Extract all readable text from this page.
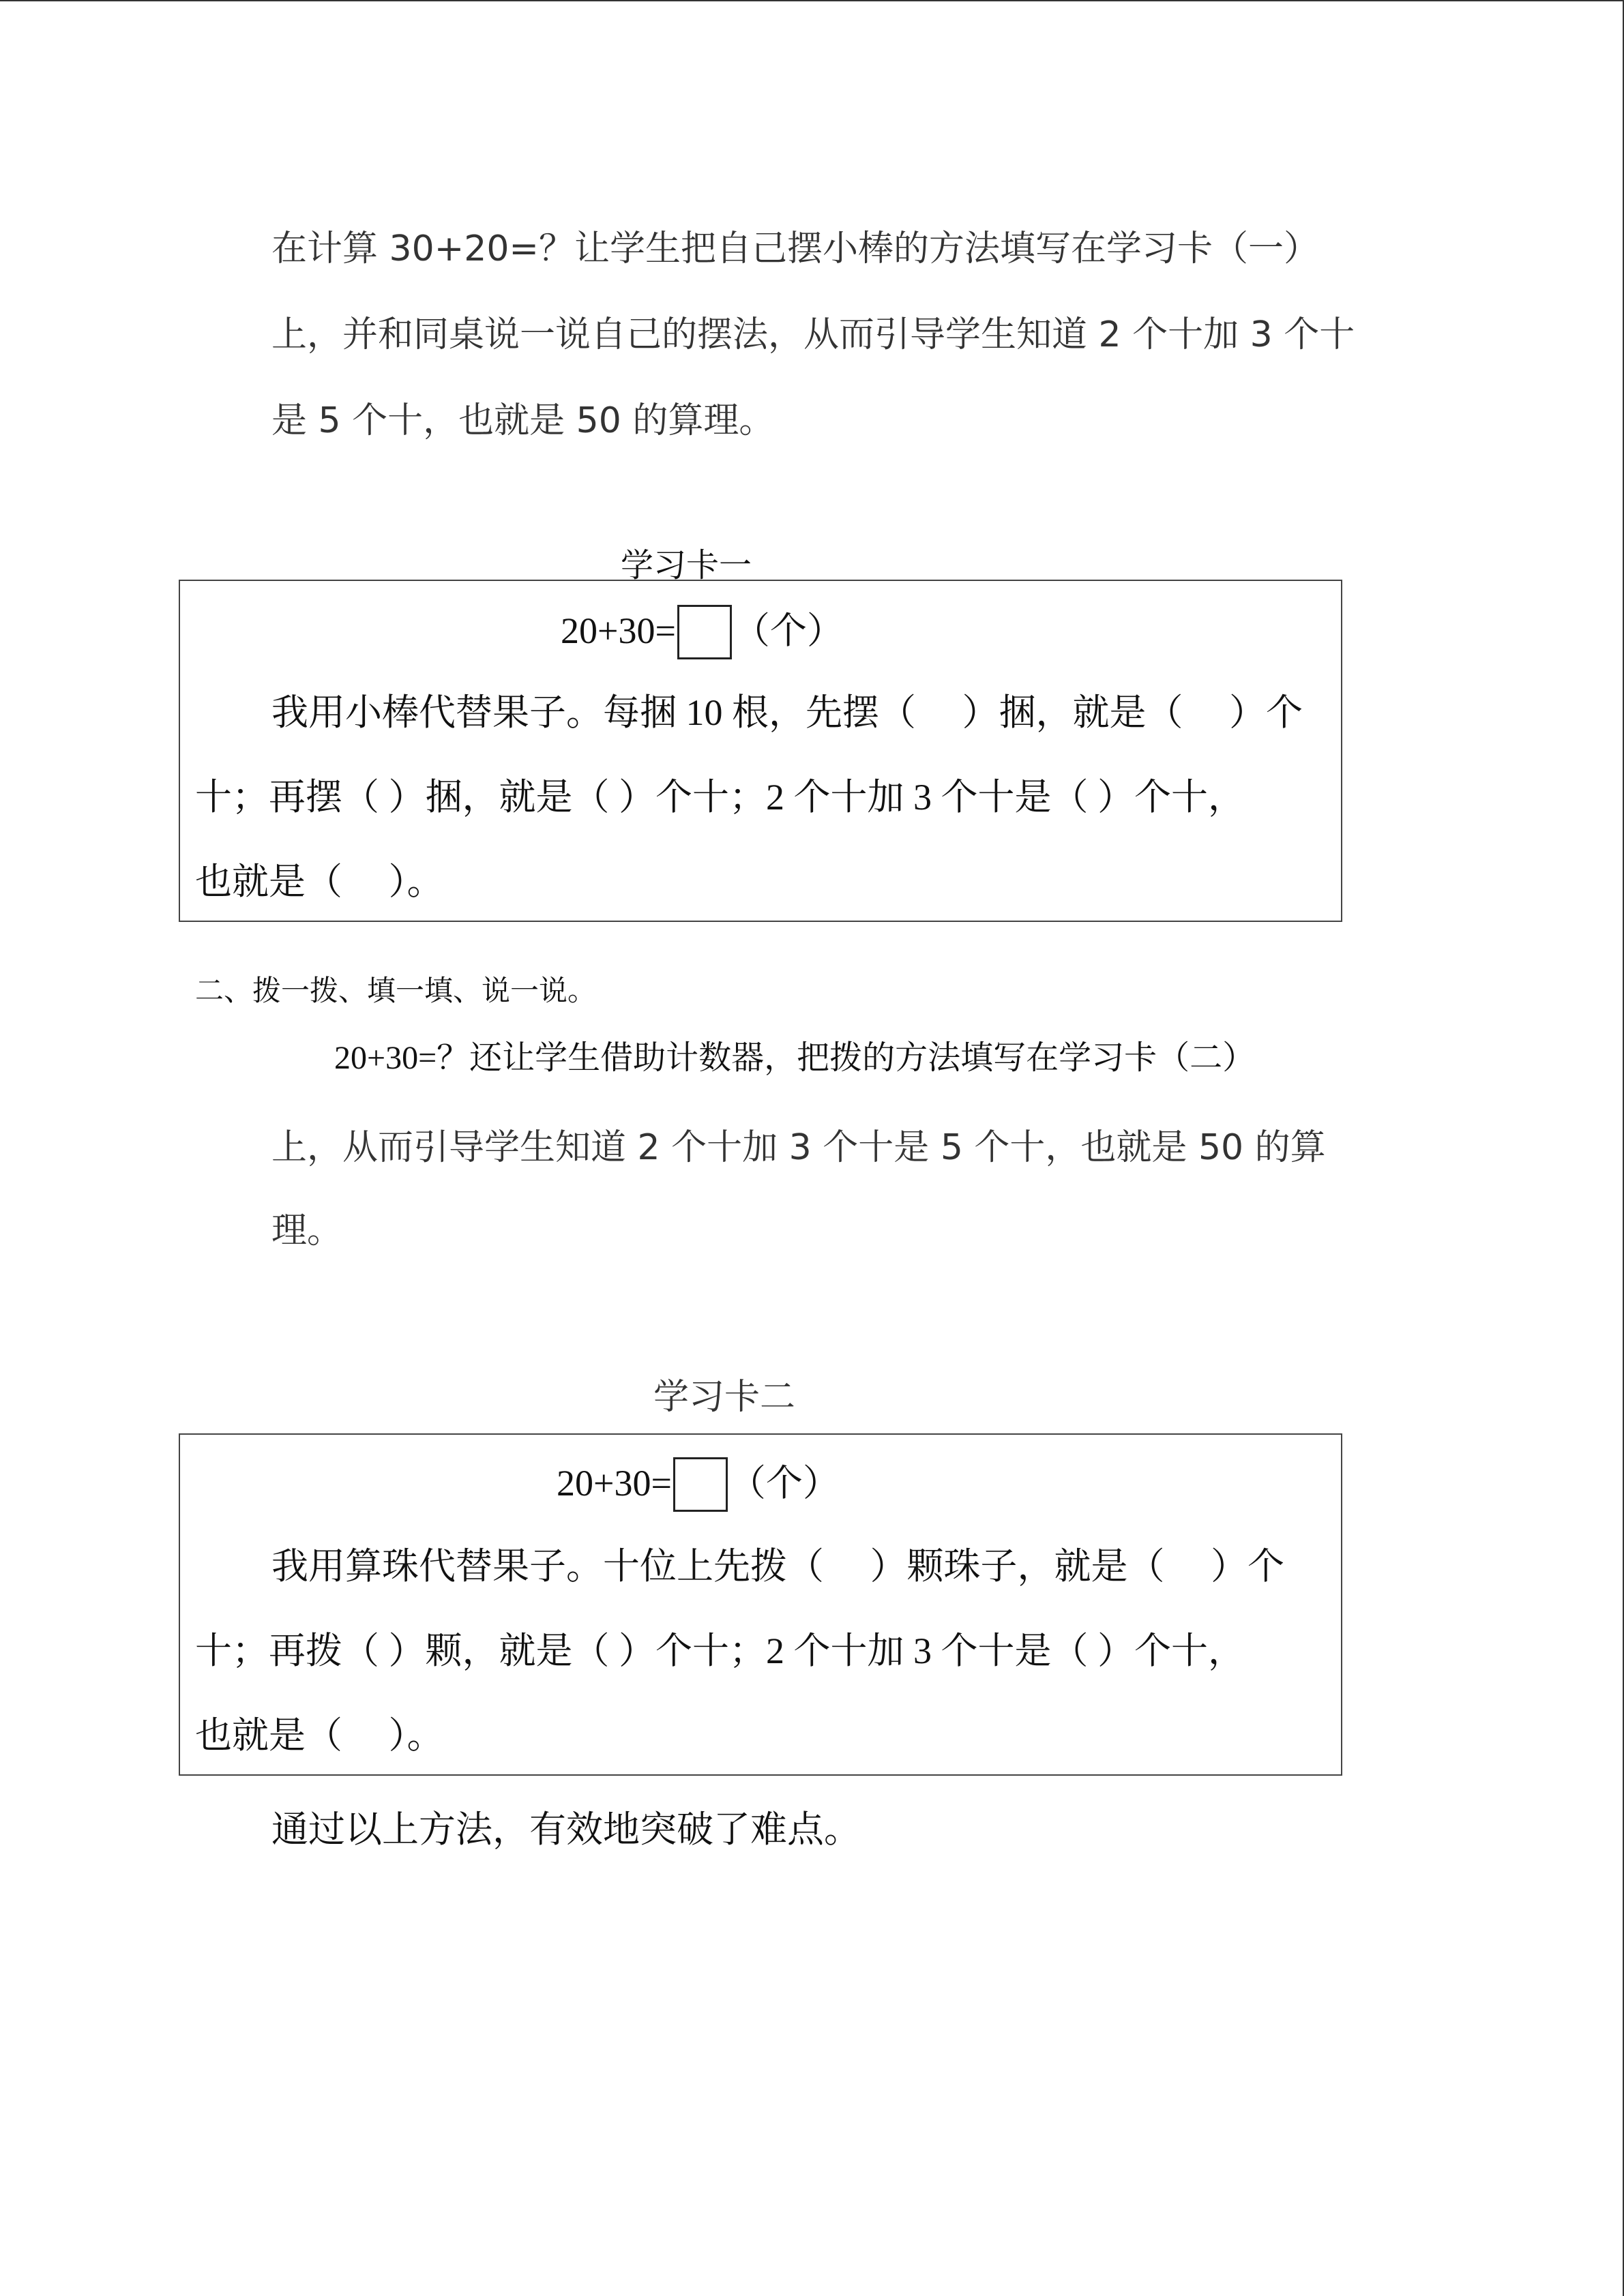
在计算 30+20=？让学生把自己摆小棒的方法填写在学习卡（一）
上，并和同桌说一说自己的摆法，从而引导学生知道 2 个十加 3 个十
是 5 个十，也就是 50 的算理。
学习卡一
20+30= （个）
我用小棒代替果子。每捆 10 根，先摆（　 ）捆，就是（　 ）个
十；再摆（ ）捆，就是（ ）个十；2 个十加 3 个十是（ ）个十，
也就是（　 ）。
二、拨一拨、填一填、说一说。
20+30=？还让学生借助计数器，把拨的方法填写在学习卡（二）
上，从而引导学生知道 2 个十加 3 个十是 5 个十，也就是 50 的算
理。
学习卡二
20+30= （个）
我用算珠代替果子。十位上先拨（　 ）颗珠子，就是（　 ）个
十；再拨（ ）颗，就是（ ）个十；2 个十加 3 个十是（ ）个十，
也就是（　 ）。
通过以上方法，有效地突破了难点。
